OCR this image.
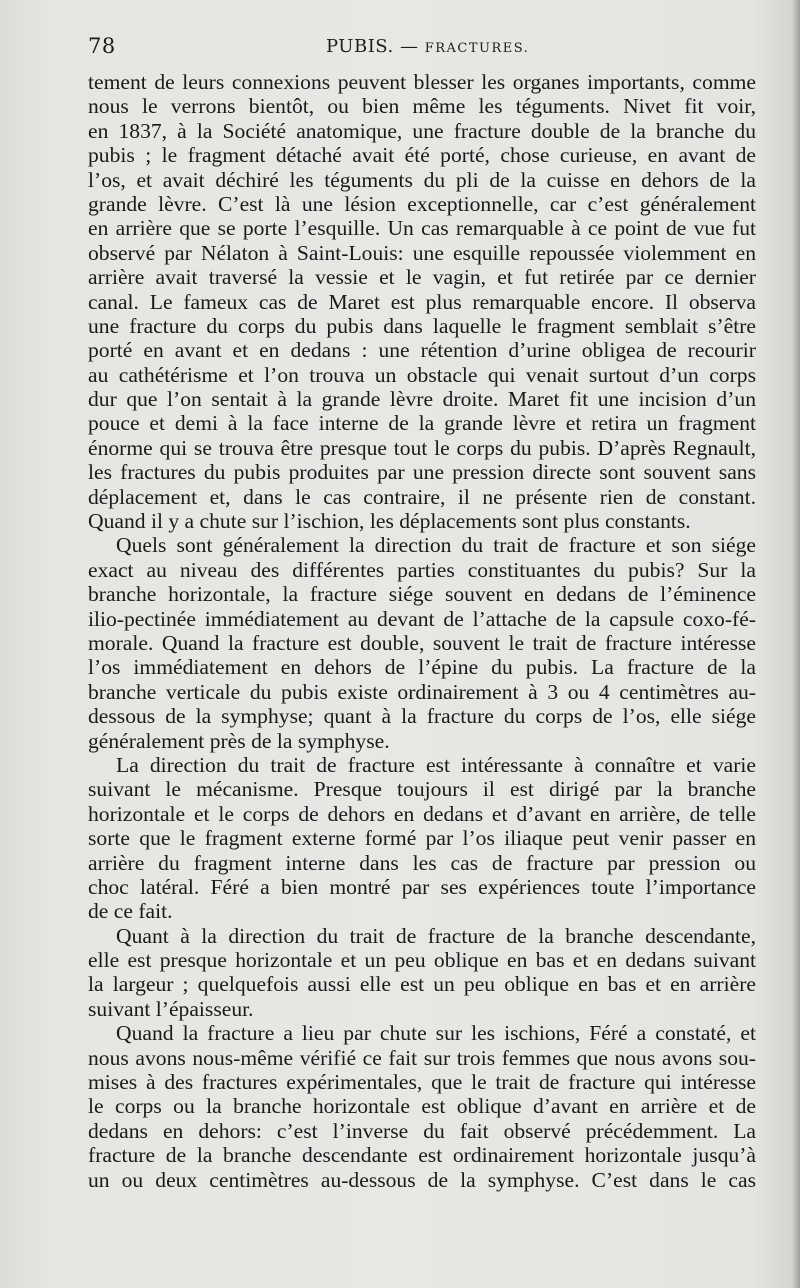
78	PUBIS. — FRACTURES.
tement de leurs connexions peuvent blesser les organes importants, comme
nous le verrons bientôt, ou bien même les téguments. Nivet fit voir,
en 1837, à la Société anatomique, une fracture double de la branche du
pubis ; le fragment détaché avait été porté, chose curieuse, en avant de
l’os, et avait déchiré les téguments du pli de la cuisse en dehors de la
grande lèvre. C’est là une lésion exceptionnelle, car c’est généralement
en arrière que se porte l’esquille. Un cas remarquable à ce point de vue fut
observé par Nélaton à Saint-Louis: une esquille repoussée violemment en
arrière avait traversé la vessie et le vagin, et fut retirée par ce dernier
canal. Le fameux cas de Maret est plus remarquable encore. Il observa
une fracture du corps du pubis dans laquelle le fragment semblait s’être
porté en avant et en dedans : une rétention d’urine obligea de recourir
au cathétérisme et l’on trouva un obstacle qui venait surtout d’un corps
dur que l’on sentait à la grande lèvre droite. Maret fit une incision d’un
pouce et demi à la face interne de la grande lèvre et retira un fragment
énorme qui se trouva être presque tout le corps du pubis. D’après Regnault,
les fractures du pubis produites par une pression directe sont souvent sans
déplacement et, dans le cas contraire, il ne présente rien de constant.
Quand il y a chute sur l’ischion, les déplacements sont plus constants.
Quels sont généralement la direction du trait de fracture et son siége
exact au niveau des différentes parties constituantes du pubis? Sur la
branche horizontale, la fracture siége souvent en dedans de l’éminence
ilio-pectinée immédiatement au devant de l’attache de la capsule coxo-fé-
morale. Quand la fracture est double, souvent le trait de fracture intéresse
l’os immédiatement en dehors de l’épine du pubis. La fracture de la
branche verticale du pubis existe ordinairement à 3 ou 4 centimètres au-
dessous de la symphyse; quant à la fracture du corps de l’os, elle siége
généralement près de la symphyse.
La direction du trait de fracture est intéressante à connaître et varie
suivant le mécanisme. Presque toujours il est dirigé par la branche
horizontale et le corps de dehors en dedans et d’avant en arrière, de telle
sorte que le fragment externe formé par l’os iliaque peut venir passer en
arrière du fragment interne dans les cas de fracture par pression ou
choc latéral. Féré a bien montré par ses expériences toute l’importance
de ce fait.
Quant à la direction du trait de fracture de la branche descendante,
elle est presque horizontale et un peu oblique en bas et en dedans suivant
la largeur ; quelquefois aussi elle est un peu oblique en bas et en arrière
suivant l’épaisseur.
Quand la fracture a lieu par chute sur les ischions, Féré a constaté, et
nous avons nous-même vérifié ce fait sur trois femmes que nous avons sou-
mises à des fractures expérimentales, que le trait de fracture qui intéresse
le corps ou la branche horizontale est oblique d’avant en arrière et de
dedans en dehors: c’est l’inverse du fait observé précédemment. La
fracture de la branche descendante est ordinairement horizontale jusqu’à
un ou deux centimètres au-dessous de la symphyse. C’est dans le cas
